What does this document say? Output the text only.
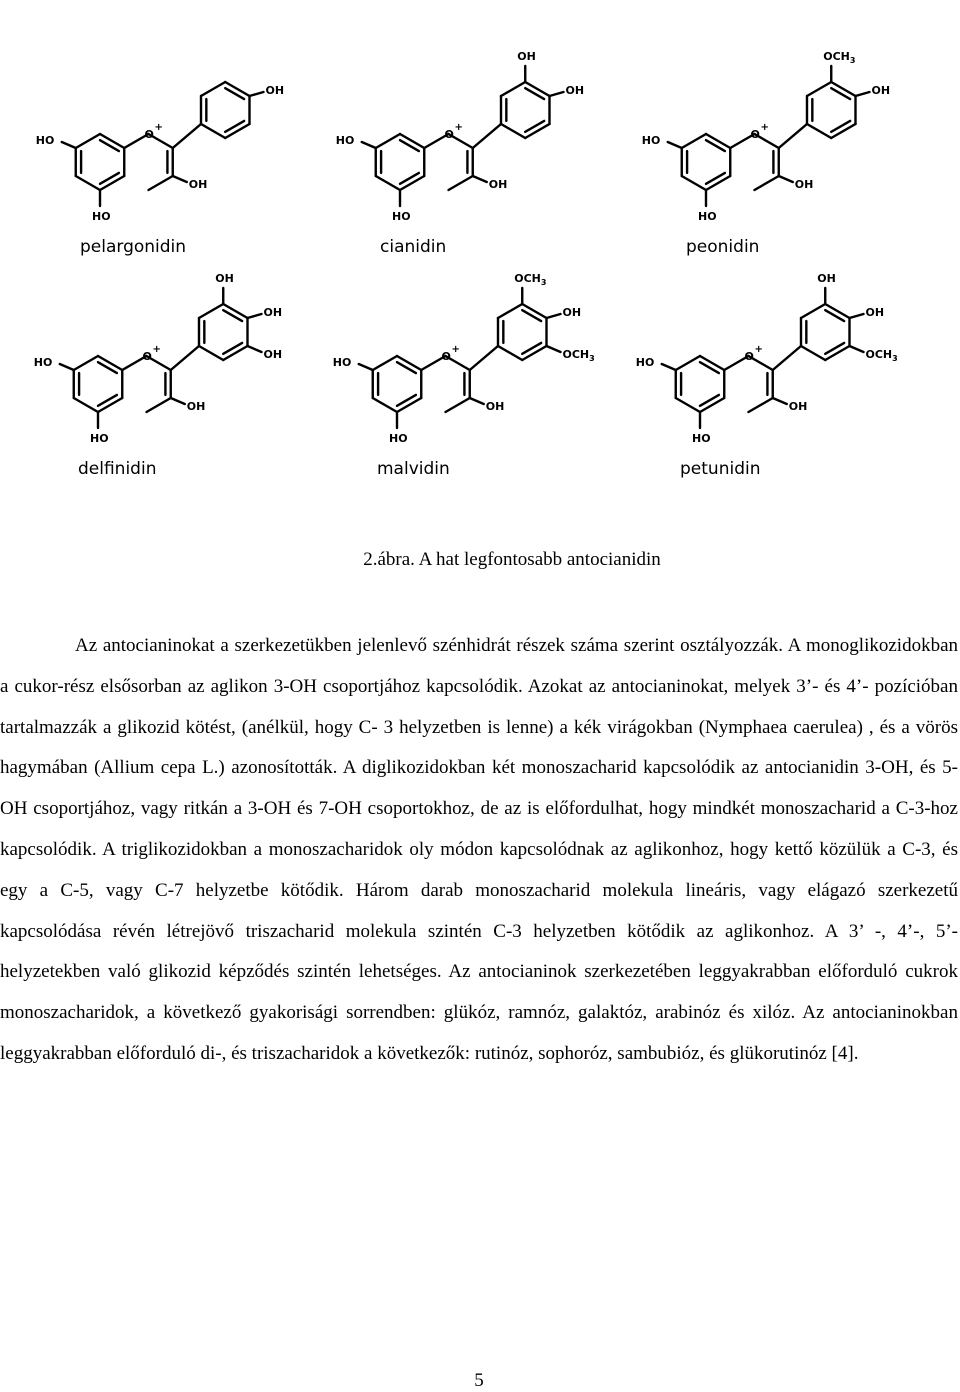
O
+
HO
HO
OH
OH
pelargonidin
O
+
HO
HO
OH
OH
OH
cianidin
O
+
HO
HO
OH
$OCH_3$
OH
peonidin
O
+
HO
HO
OH
OH
OH
OH
delfinidin
O
+
HO
HO
OH
$OCH_3$
OH
$OCH_3$
malvidin
O
+
HO
HO
OH
OH
OH
$OCH_3$
petunidin
2.ábra. A hat legfontosabb antocianidin

Az antocianinokat a szerkezetükben jelenlevő szénhidrát részek száma szerint osztályozzák. A monoglikozidokban a cukor-rész elsősorban az aglikon 3-OH csoportjához kapcsolódik. Azokat az antocianinokat, melyek 3’- és 4’- pozícióban tartalmazzák a glikozid kötést, (anélkül, hogy C- 3 helyzetben is lenne) a kék virágokban (Nymphaea caerulea) , és a vörös hagymában (Allium cepa L.) azonosították. A diglikozidokban két monoszacharid kapcsolódik az antocianidin 3-OH, és 5-OH csoportjához, vagy ritkán a 3-OH és 7-OH csoportokhoz, de az is előfordulhat, hogy mindkét monoszacharid a C-3-hoz kapcsolódik. A triglikozidokban a monoszacharidok oly módon kapcsolódnak az aglikonhoz, hogy kettő közülük a C-3, és egy a C-5, vagy C-7 helyzetbe kötődik. Három darab monoszacharid molekula lineáris, vagy elágazó szerkezetű kapcsolódása révén létrejövő triszacharid molekula szintén C-3 helyzetben kötődik az aglikonhoz. A 3’ -, 4’-, 5’- helyzetekben való glikozid képződés szintén lehetséges. Az antocianinok szerkezetében leggyakrabban előforduló cukrok monoszacharidok, a következő gyakorisági sorrendben: glükóz, ramnóz, galaktóz, arabinóz és xilóz. Az antocianinokban leggyakrabban előforduló di-, és triszacharidok a következők: rutinóz, sophoróz, sambubióz, és glükorutinóz [4].

5
